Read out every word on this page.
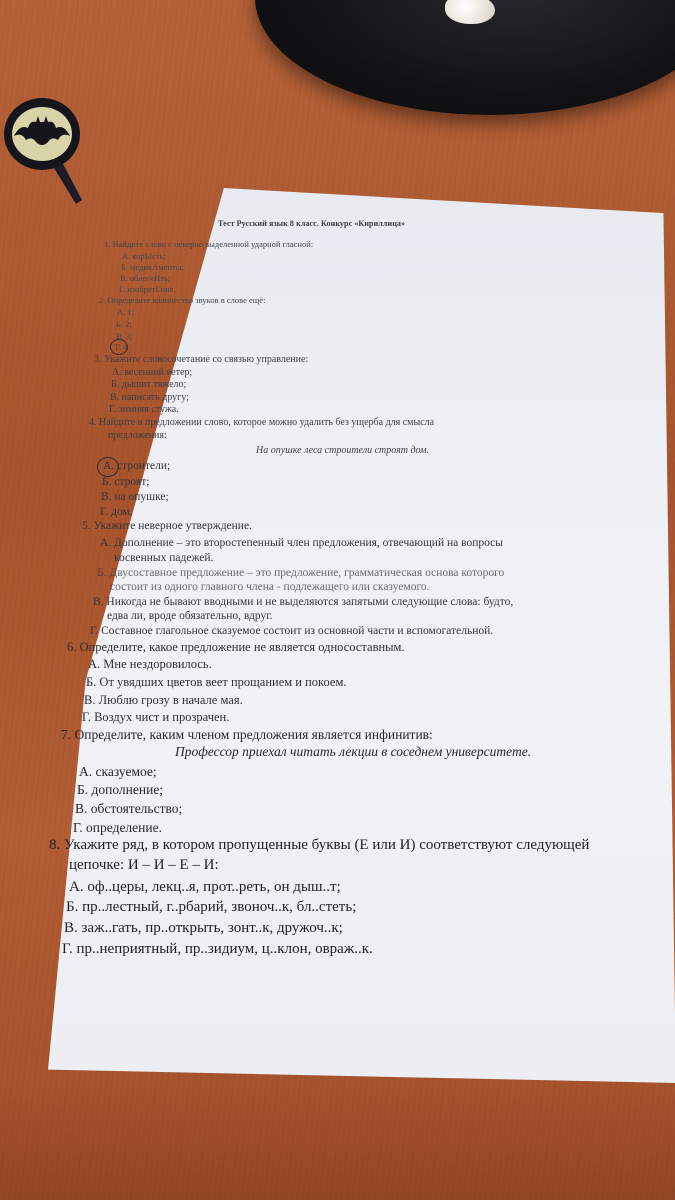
Тест Русский язык 8 класс. Конкурс «Кириллица»
1. Найдите слово с неверно выделенной ударной гласной:
А. корЫсть;
Б. медикАменты;
В. облегчИть;
Г. изобретЕние.
2. Определите количество звуков в слове ещё:
А. 1;
Б. 2;
В. 3;
Г. 4
3. Укажите словосочетание со связью управление:
А. весенний ветер;
Б. дышит тяжело;
В. написать другу;
Г. зимняя стужа.
4. Найдите в предложении слово, которое можно удалить без ущерба для смысла
предложения:
На опушке леса строители строят дом.
А. строители;
Б. строят;
В. на опушке;
Г. дом.
5. Укажите неверное утверждение.
А. Дополнение – это второстепенный член предложения, отвечающий на вопросы
косвенных падежей.
Б. Двусоставное предложение – это предложение, грамматическая основа которого
состоит из одного главного члена - подлежащего или сказуемого.
В. Никогда не бывают вводными и не выделяются запятыми следующие слова: будто,
едва ли, вроде обязательно, вдруг.
Г. Составное глагольное сказуемое состоит из основной части и вспомогательной.
6. Определите, какое предложение не является односоставным.
А. Мне нездоровилось.
Б. От увядших цветов веет прощанием и покоем.
В. Люблю грозу в начале мая.
Г. Воздух чист и прозрачен.
7. Определите, каким членом предложения является инфинитив:
Профессор приехал читать лекции в соседнем университете.
А. сказуемое;
Б. дополнение;
В. обстоятельство;
Г. определение.
8. Укажите ряд, в котором пропущенные буквы (Е или И) соответствуют следующей
цепочке: И – И – Е – И:
А. оф..церы, лекц..я, прот..реть, он дыш..т;
Б. пр..лестный, г..рбарий, звоноч..к, бл..стеть;
В. заж..гать, пр..открыть, зонт..к, дружоч..к;
Г. пр..неприятный, пр..зидиум, ц..клон, оврaж..к.
